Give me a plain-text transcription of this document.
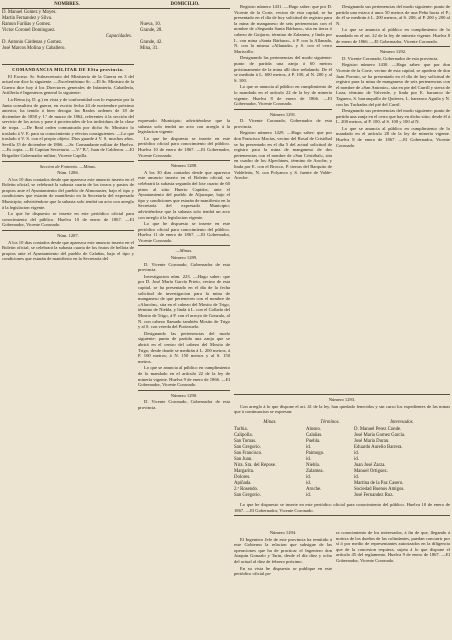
NOMBRES.	DOMICILIO.
D. Manuel Gomez y Moyes.
Martin Fernandez y Silva.
Ramon Fariñas y Gomez.	Nueva, 10.
Victor Coronel Dominguez.	Grande, 28.
Capacidades.
D. Antonio Cárdenas y Gomez.	Grande, 42.
José Marcos Molina y Caballero.	Mina, 31.

COMANDANCIA MILITAR DE ESta provincia.

El Excmo. Sr. Subsecretario del Ministerio de la Guerra en 3 del actual me dice lo siguiente. —Excelentísimo Sr. —El Sr. Ministro de la Guerra dice hoy á los Directores generales de Infantería, Caballería, Artillería é Ingenieros general lo siguiente:

La Reina (q. D. g.) en vista y de conformidad con lo expuesto por la Junta consultiva de guerra, en escrito fecha 24 de noviembre próximo anterior, ha tenido á bien derogar las Reales ordenes de 18 de diciembre de 1858 y 1.º de marzo de 1862, referentes á la sección del servicio de los actos y pase á provinciales de los individuos de la clase de tropa. —De Real orden comunicada por dicho Sr. Ministro lo traslado á V. E. para su conocimiento y efectos consiguientes. —Lo que traslado á V. S. con el propio objeto. Dios guarde á V. S. muchos años. Sevilla 15 de diciembre de 1866. —Sr. Comandante militar de Huelva. —Es copia. —El Capitan Secretario. —V.º B.º, Juan de Calderon. —El Brigadier Gobernador militar, Vicente Capilla.

Seccion de Fomento. —Minas.

Núm. 1286.

A los 10 dias contados desde que aparezca este anuncio inserto en el Boletin oficial, se celebrará la subasta cuarta de los trozos y pastos de propios ante el Ayuntamiento del pueblo de Almonaster, bajo el tipo y condiciones que estarán de manifiesto en la Secretaría del expresado Municipio; advirtiéndose que la subasta solo tendrá un acto con arreglo á la legislacion vigente.

Lo que he dispuesto se inserte en este periódico oficial para conocimiento del público. Huelva 10 de enero de 1867. —El Gobernador, Vicente Coronado.

Núm. 1287.

A los 10 dias contados desde que aparezca este anuncio inserto en el Boletin oficial, se celebrará la subasta cuarta de los frutos de bellota de propios ante el Ayuntamiento del pueblo de Calañas, bajo el tipo y condiciones que estarán de manifiesto en la Secretaría del

expresado Municipio; advirtiéndose que la subasta solo tendrá un acto con arreglo á la legislacion vigente.

Lo que he dispuesto se inserte en este periódico oficial para conocimiento del público. Huelva 10 de enero de 1867. —El Gobernador, Vicente Coronado.

Número 1288.

A los 30 dias contados desde que aparezca este anuncio inserto en el Boletin oficial, se celebrará la subasta segunda del lote cuarto de 60 pinos al sitio Huerto Capidos, ante el Ayuntamiento del pueblo de Aljaraque, bajo el tipo y condiciones que estarán de manifiesto en la Secretaría del expresado Municipio; advirtiéndose que la subasta solo tendrá un acto con arreglo á la legislacion vigente.

Lo que he dispuesto se inserte en este periódico oficial para conocimiento del público. Huelva 11 de enero de 1867. —El Gobernador, Vicente Coronado.

—Minas.

Número 1289.

D. Vicente Coronado, Gobernador de esta provincia.

Investigacion núm. 223. —Hago saber: que por D. José María García Prieto, vecino de esta capital, se ha presentado en el día de la fecha solicitud de investigacion para la mina de manganeso de que pertenecen con el nombre de «Alarcón», sita en el cabezo del Mosito de Trigo, término de Niebla, y linda á L. con el Collado del Mosito de Trigo, á P. con el arroyo de Gonzalo, al N. con cabezo llamado también Mosito de Trigo y al S. con vereda del Portezuelo.

Designando las pertenencias del modo siguiente: punto de partida una zanja que se abrirá en el centro del cabezo del Mosito de Trigo; desde donde se medirán á L. 200 metros, á P. 100 metros; á N. 150 metros y al S. 150 metros.

Lo que se anuncia al público en cumplimiento de lo mandado en el artículo 22 de la ley de minería vigente. Huelva 9 de enero de 1866. —El Gobernador, Vicente Coronado.

Número 1290.

D. Vicente Coronado, Gobernador de esta provincia.

Registro número 1431. —Hago saber: que por D. Vicente de la Corte, vecino de esta capital, se ha presentado en el día de hoy solicitud de registro para la mina de manganeso de seis pertenencias con el nombre de «Segunda Santa Bárbara», sita en tierra ó cabezo de Guijarro, término de Zalamea, y linda por L. con mina «Santa Bárbara», á P. con la Allanada, N. con la misma «Allanada» y S. con el cerro Mariscillo.

Designando las pertenencias del modo siguiente: punto de partida una zanja á 60 metros próximamente de la mina allí dice señalando. De él se medirán á L. 600 metros, á P. 100, al N. 200 y al S. 100.

Lo que se anuncia al público en cumplimiento de lo mandado en el artículo 22 de la ley de minería vigente. Huelva 8 de enero de 1866. —El Gobernador, Vicente Coronado.

Número 1291.

D. Vicente Coronado, Gobernador de esta provincia.

Registro número 1429. —Hago saber: que por don Francisco Macías, vecino del Rosal de Cristóbal se ha presentado en el día 5 del actual solicitud de registro para la mina de manganeso de dos pertenencias con el nombre de «San Cristóbal», sita en cuadro de los Alpechines, término de Aroche, y linda por E. con el Brocco, P. tierras del Barquito de Valdeleón, N. con Polyanco y S. fuente de Valde-Aroche.

Designando sus pertenencias del modo siguiente: punto de partida una estaca á unos 50 metros de una Peña hacia el P.; de él se medirán á L. 200 metros, al S. 200; al P. 200 y 200 al N.

Lo que se anuncia al público en cumplimiento de lo mandado en el art. 22 de la ley de minería vigente. Huelva 8 de enero de 1866. —El Gobernador, Vicente Coronado.

Número 1292.

D. Vicente Coronado, Gobernador de esta provincia.

Registro número 1430. —Hago saber: que por don Vicente de la Corte, vecino de esta capital, se apodera de don Juan Porrato, se ha presentado en el día de hoy solicitud de registro para la mina de manganeso de seis pertenencias con el nombre de «San Antonio», sita en pie del Carrill y sierra de Loza, término de Valverde, y linda por E. barranco de Taguero, S. barranquillo de Quiteres, L. barranco Aguila y N. con las Tuchadas del pié del Carril.

Designando sus pertenencias del modo siguiente: punto de partida una zanja en el cerro que hay en dicho sitio; desde él á L. 200 metros, al P. 100, al S. 100 y 100 al N.

Lo que se anuncia al público en cumplimiento de lo mandado en el artículo 28 de la ley de minería vigente. Huelva 8 de enero de 1867. —El Gobernador, Vicente Coronado.

Número 1293.

Con arreglo á lo que dispone el art. 41 de la ley, han quedado fenecidos y sin curso los expedientes de las minas que á continuacion se expresan:

Minas.	Términos.	Interesados.
Turbia.	Alosno.	D. Manuel Perez Conde.
Calipolla.	Calañas.	José Maria Gomez García.
San Tomas.	Puebla.	José María Duran.
San Gregorio.	id.	Eduardo Aurelio Barrera.
San Francisco.	Paimogo.	id.
San Juan.	id.	id.
Nira. Sra. del Repose.	Niebla.	Juan José Zarza.
Margarita.	Zalamea.	Manuel Ortiguez.
Dolores.	id.	id.
Apiñada.	id.	Martina de la Paz Casero.
2.ª Rosendo.	Aroche.	Sociedad Buenos Amigos.
San Gregorio.	id.	José Fernandez Ruz.

Lo que he dispuesto se inserte en este periódico oficial para conocimiento del público. Huelva 10 de enero de 1867. —El Gobernador, Vicente Coronado.

Número 1294.

El Ingeniero Jefe de este provincia ha remitido á este Gobierno la relacion que subsigue de las operaciones que ha de practicar el Ingeniero don Joaquin Gonzalo y Tarin, desde el día diez y ocho del actual al diez de febrero próximo.

En su vista he dispuesto se publique en este periódico oficial pa-

ra conocimiento de los interesados, á fin de que, llegando á noticia de los dueños de las colindantes, puedan concurrir por sí ó por medio de representantes autorizados en la diligencia que de la concesion requiera, sujeta á lo que dispone el artículo 45 del reglamento. Huelva 9 de enero de 1867. —El Gobernador, Vicente Coronado.
